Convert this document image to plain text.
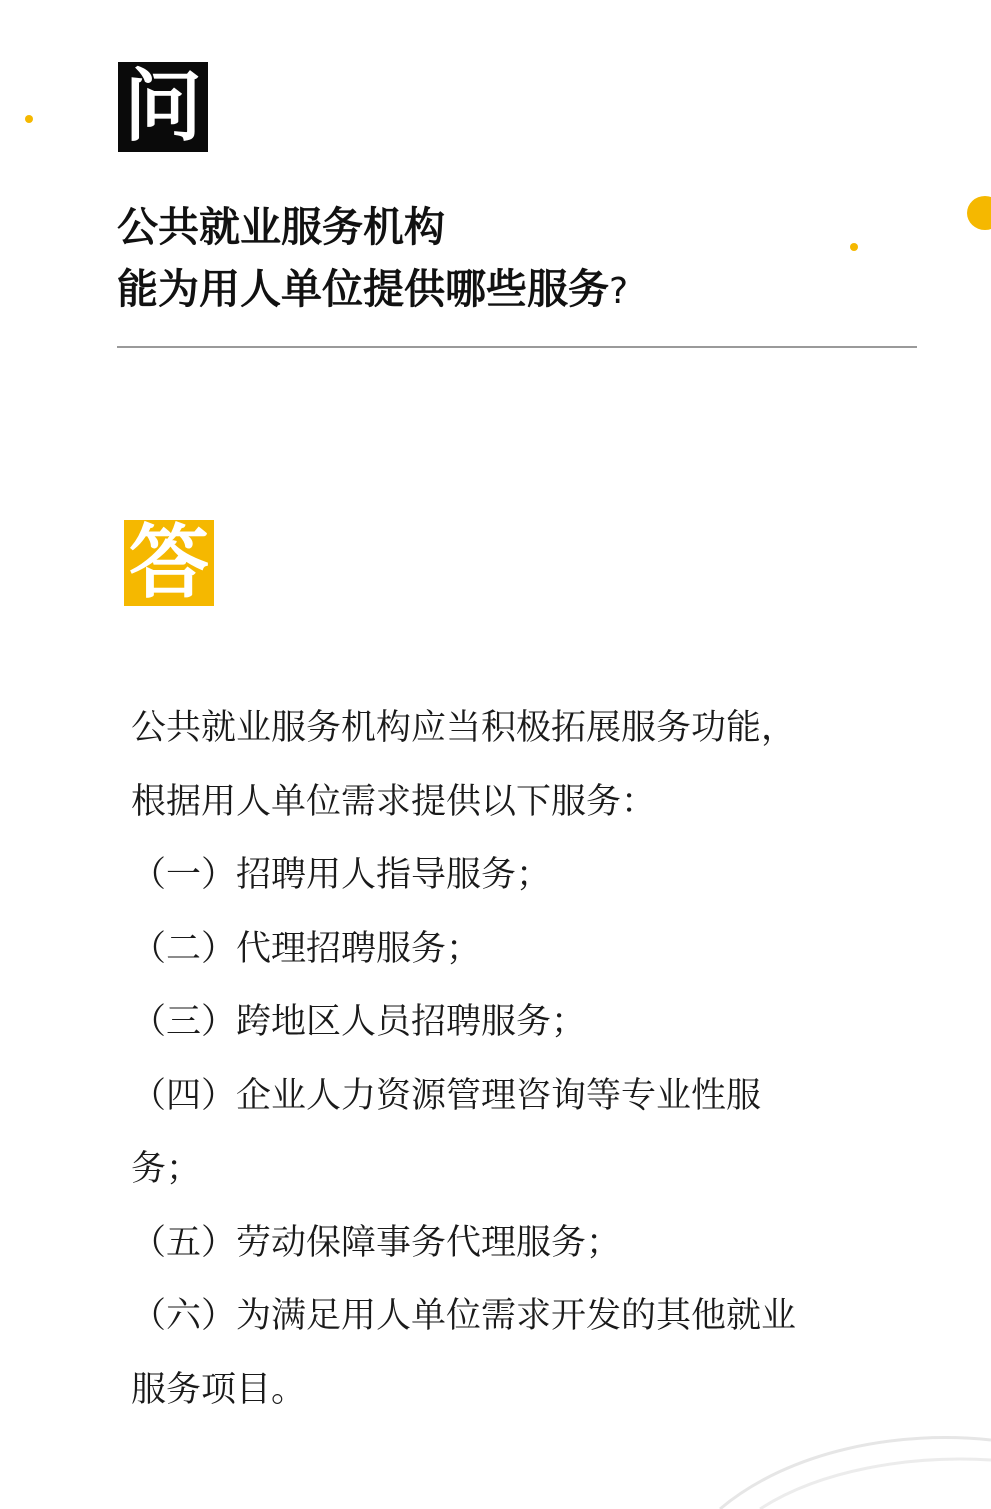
问
公共就业服务机构
能为用人单位提供哪些服务?
答

公共就业服务机构应当积极拓展服务功能，根据用人单位需求提供以下服务：

（一）招聘用人指导服务；

（二）代理招聘服务；

（三）跨地区人员招聘服务；

（四）企业人力资源管理咨询等专业性服务；

（五）劳动保障事务代理服务；

（六）为满足用人单位需求开发的其他就业服务项目。
